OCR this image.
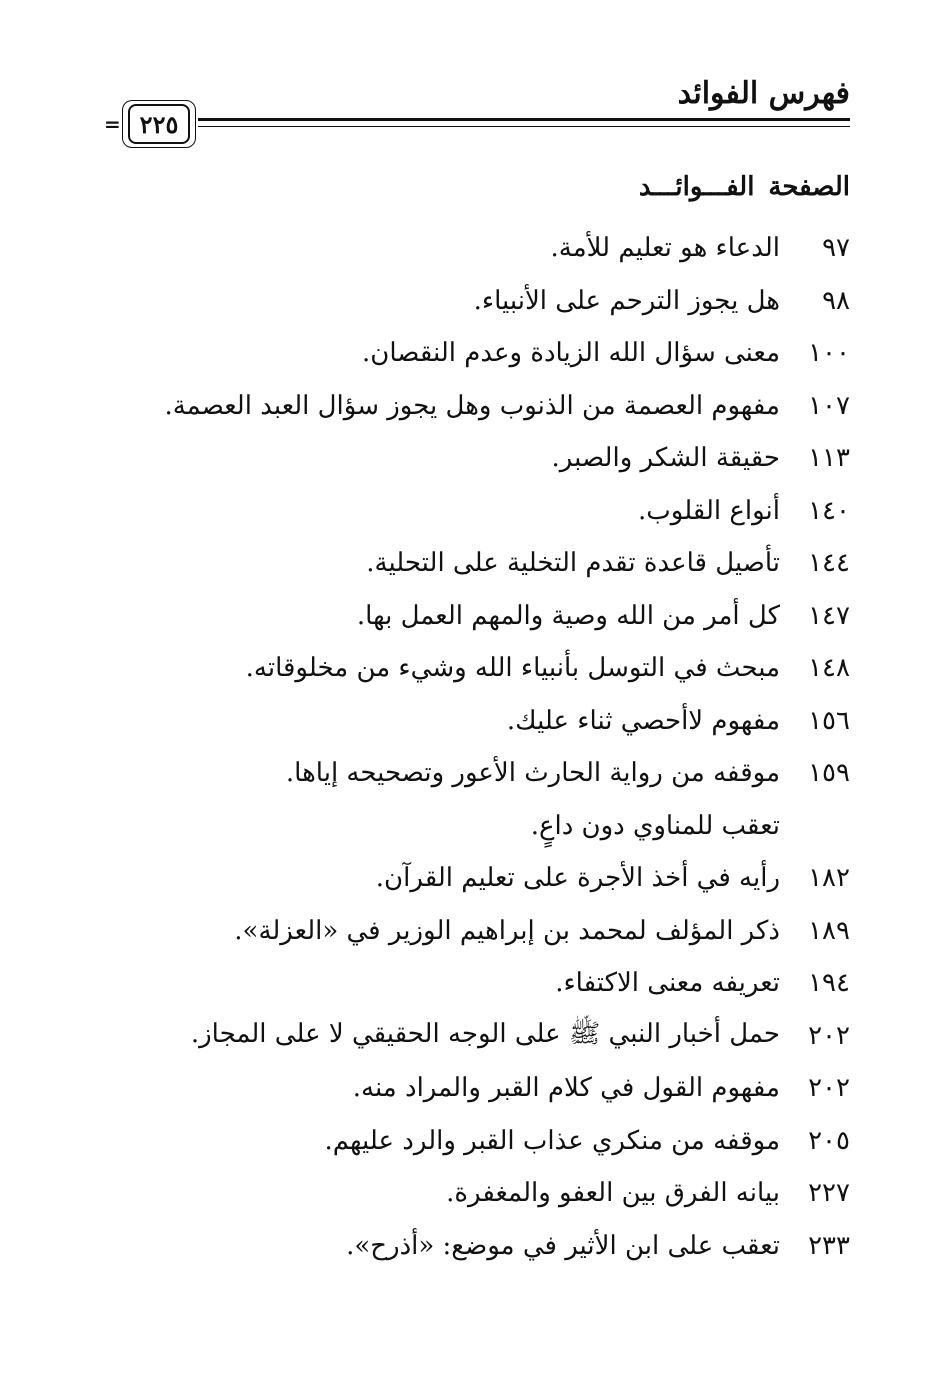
فهرس الفوائد
٢٢٥
=
الصفحةالفـــوائـــد
٩٧
الدعاء هو تعليم للأمة.
٩٨
هل يجوز الترحم على الأنبياء.
١٠٠
معنى سؤال الله الزيادة وعدم النقصان.
١٠٧
مفهوم العصمة من الذنوب وهل يجوز سؤال العبد العصمة.
١١٣
حقيقة الشكر والصبر.
١٤٠
أنواع القلوب.
١٤٤
تأصيل قاعدة تقدم التخلية على التحلية.
١٤٧
كل أمر من الله وصية والمهم العمل بها.
١٤٨
مبحث في التوسل بأنبياء الله وشيء من مخلوقاته.
١٥٦
مفهوم لاأحصي ثناء عليك.
١٥٩
موقفه من رواية الحارث الأعور وتصحيحه إياها.
تعقب للمناوي دون داعٍ.
١٨٢
رأيه في أخذ الأجرة على تعليم القرآن.
١٨٩
ذكر المؤلف لمحمد بن إبراهيم الوزير في «العزلة».
١٩٤
تعريفه معنى الاكتفاء.
٢٠٢
حمل أخبار النبي ﷺ على الوجه الحقيقي لا على المجاز.
٢٠٢
مفهوم القول في كلام القبر والمراد منه.
٢٠٥
موقفه من منكري عذاب القبر والرد عليهم.
٢٢٧
بيانه الفرق بين العفو والمغفرة.
٢٣٣
تعقب على ابن الأثير في موضع: «أذرح».
